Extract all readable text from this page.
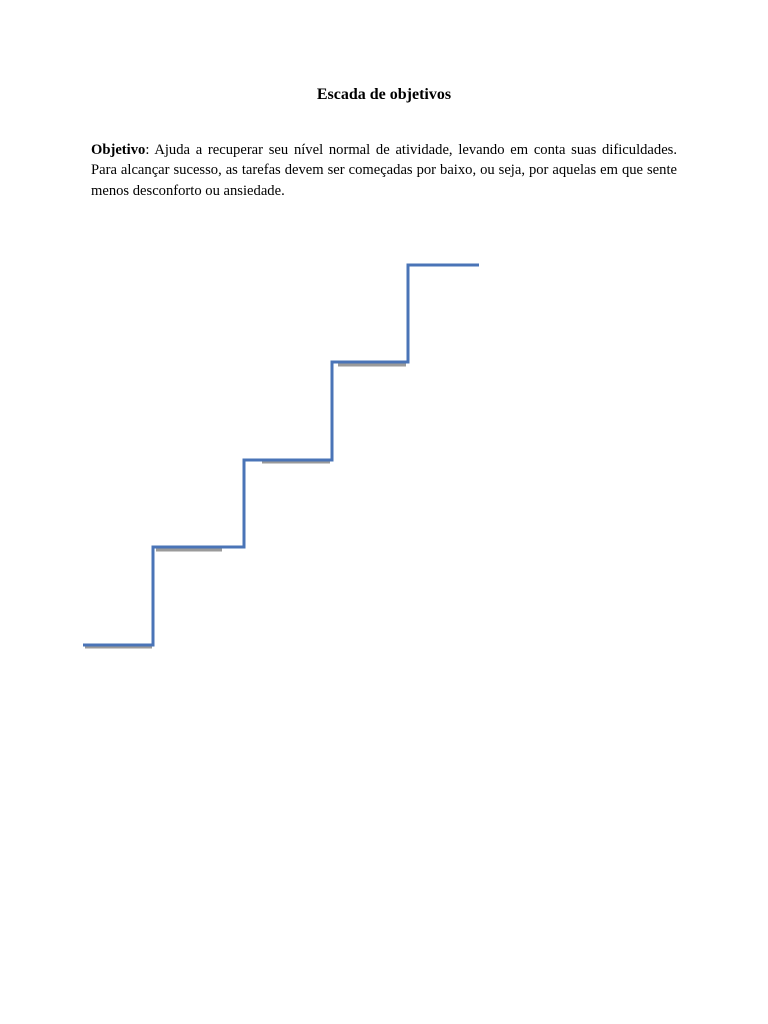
Escada de objetivos

Objetivo: Ajuda a recuperar seu nível normal de atividade, levando em conta suas dificuldades. Para alcançar sucesso, as tarefas devem ser começadas por baixo, ou seja, por aquelas em que sente menos desconforto ou ansiedade.
